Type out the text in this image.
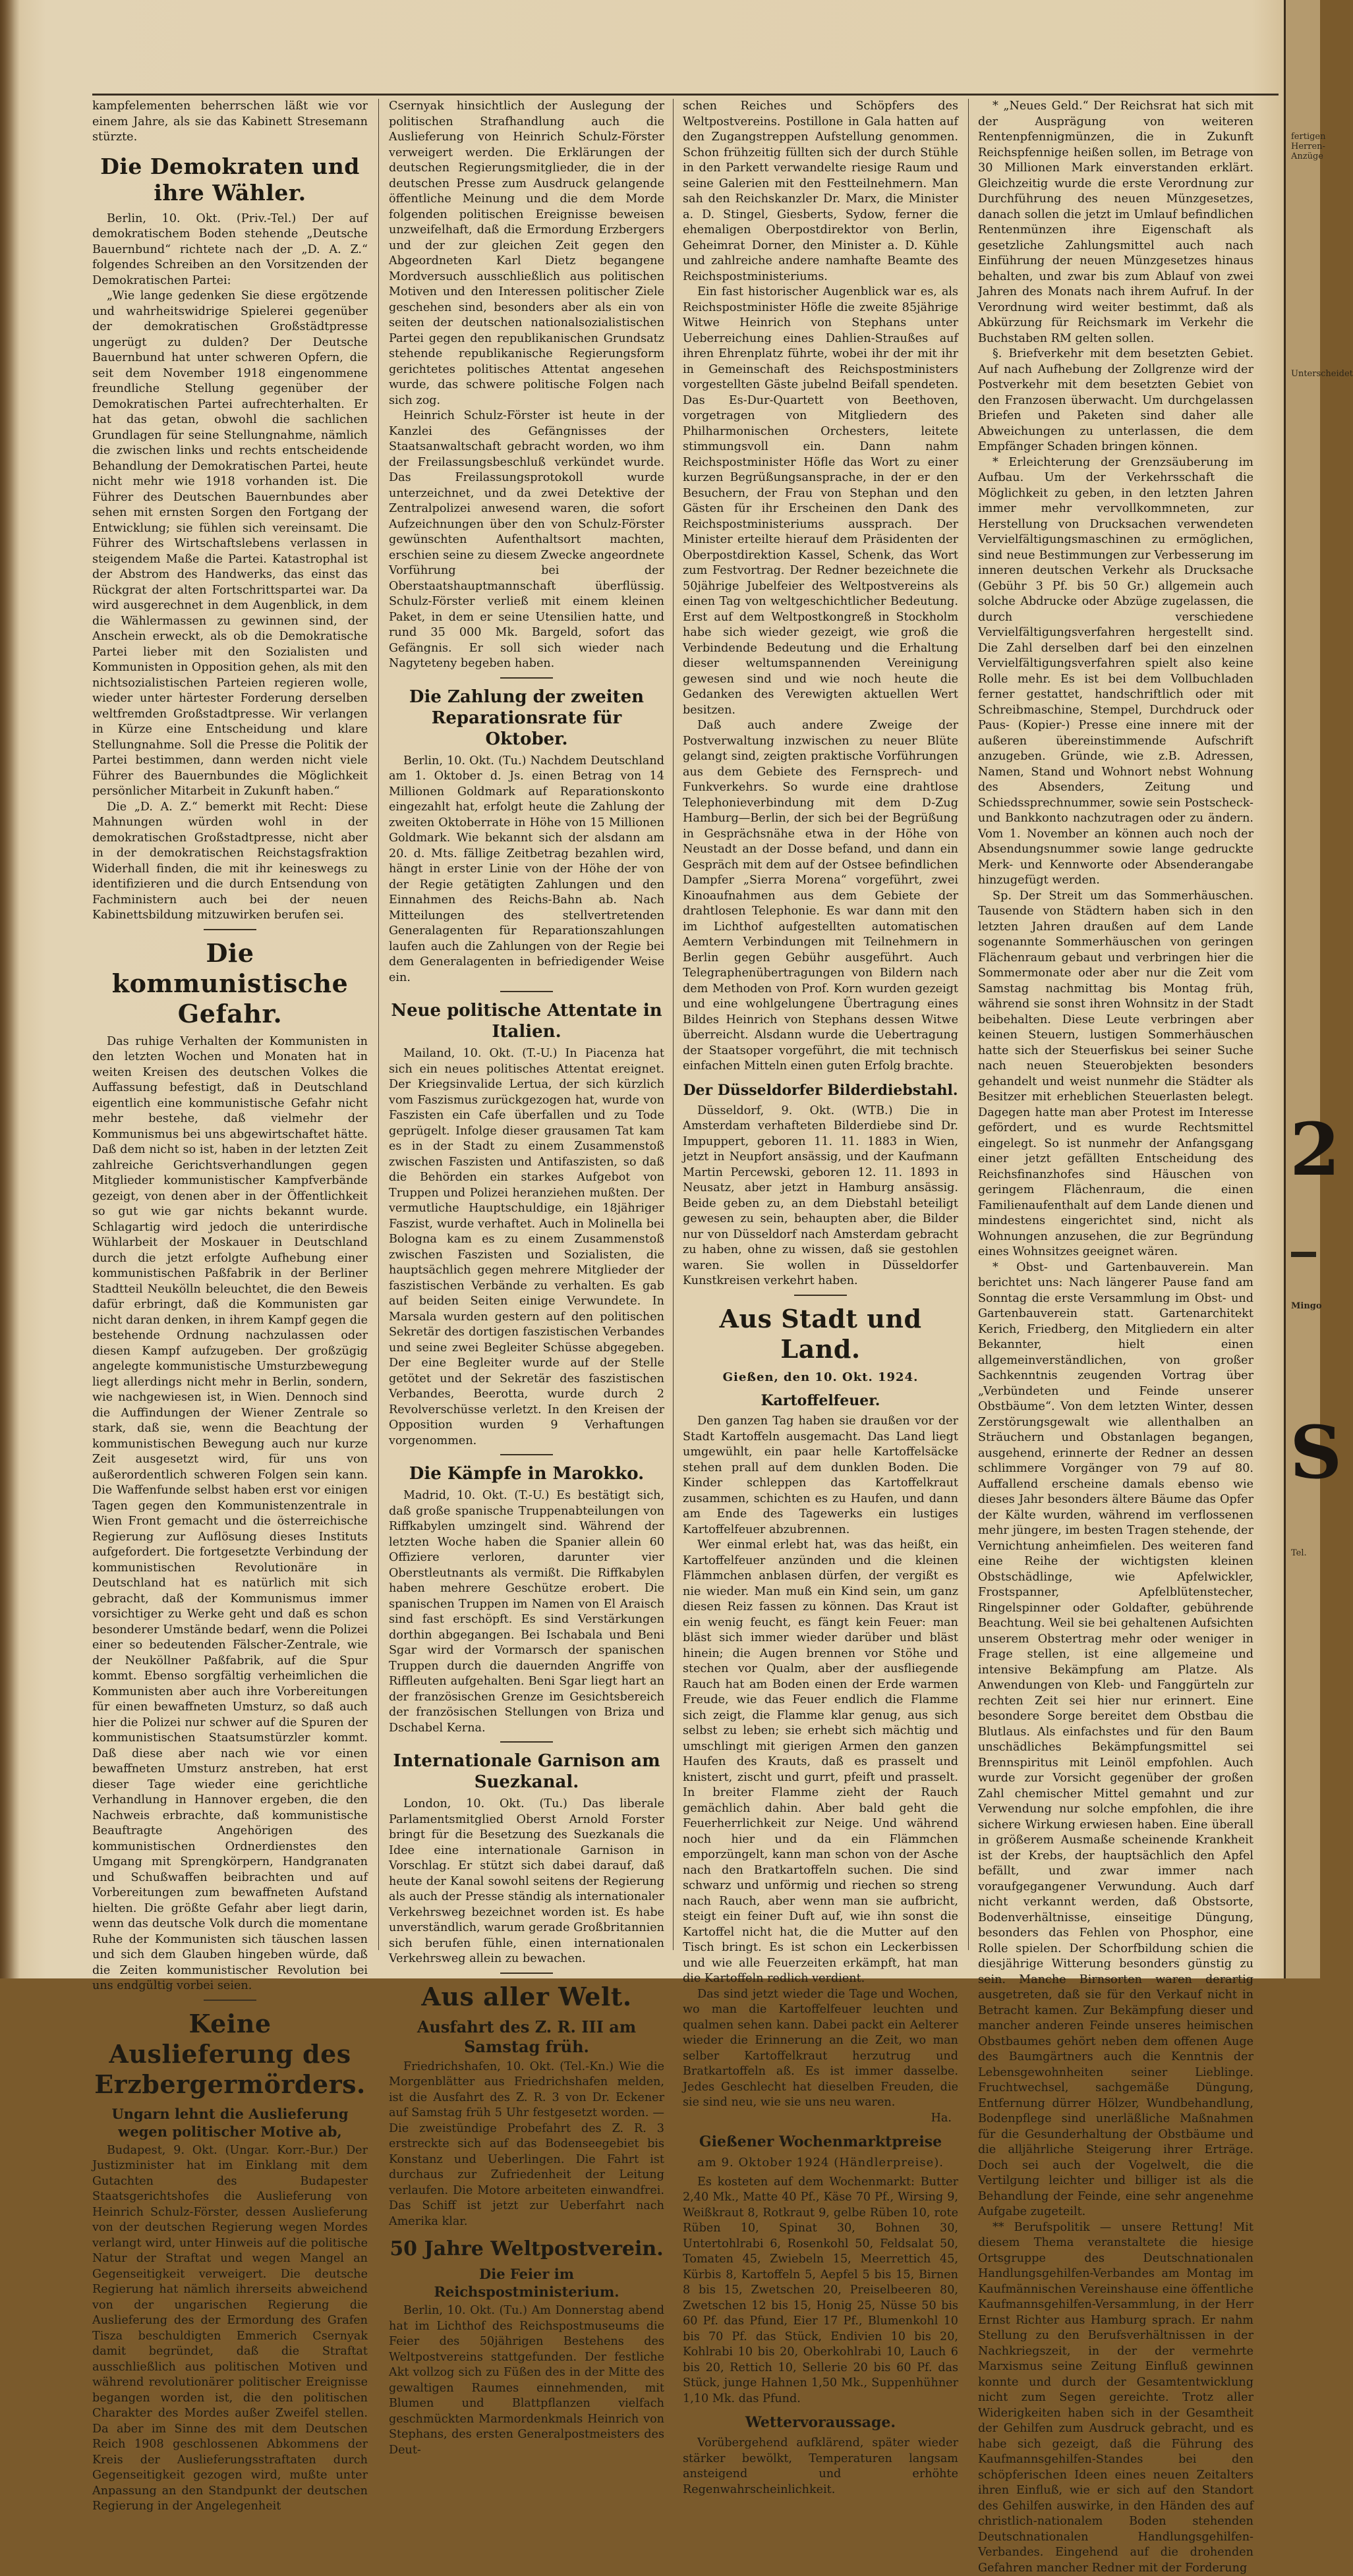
kampfelementen beherrschen läßt wie vor einem Jahre, als sie das Kabinett Stresemann stürzte.

Die Demokraten und ihre Wähler.

Berlin, 10. Okt. (Priv.-Tel.) Der auf demokratischem Boden stehende „Deutsche Bauernbund“ richtete nach der „D. A. Z.“ folgendes Schreiben an den Vorsitzenden der Demokratischen Partei:

„Wie lange gedenken Sie diese ergötzende und wahrheitswidrige Spielerei gegenüber der demokratischen Großstädtpresse ungerügt zu dulden? Der Deutsche Bauernbund hat unter schweren Opfern, die seit dem November 1918 eingenommene freundliche Stellung gegenüber der Demokratischen Partei aufrechterhalten. Er hat das getan, obwohl die sachlichen Grundlagen für seine Stellungnahme, nämlich die zwischen links und rechts entscheidende Behandlung der Demokratischen Partei, heute nicht mehr wie 1918 vorhanden ist. Die Führer des Deutschen Bauernbundes aber sehen mit ernsten Sorgen den Fortgang der Entwicklung; sie fühlen sich vereinsamt. Die Führer des Wirtschaftslebens verlassen in steigendem Maße die Partei. Katastrophal ist der Abstrom des Handwerks, das einst das Rückgrat der alten Fortschrittspartei war. Da wird ausgerechnet in dem Augenblick, in dem die Wählermassen zu gewinnen sind, der Anschein erweckt, als ob die Demokratische Partei lieber mit den Sozialisten und Kommunisten in Opposition gehen, als mit den nichtsozialistischen Parteien regieren wolle, wieder unter härtester Forderung derselben weltfremden Großstadtpresse. Wir verlangen in Kürze eine Entscheidung und klare Stellungnahme. Soll die Presse die Politik der Partei bestimmen, dann werden nicht viele Führer des Bauernbundes die Möglichkeit persönlicher Mitarbeit in Zukunft haben.“

Die „D. A. Z.“ bemerkt mit Recht: Diese Mahnungen würden wohl in der demokratischen Großstadtpresse, nicht aber in der demokratischen Reichstagsfraktion Widerhall finden, die mit ihr keineswegs zu identifizieren und die durch Entsendung von Fachministern auch bei der neuen Kabinettsbildung mitzuwirken berufen sei.

Die kommunistische Gefahr.

Das ruhige Verhalten der Kommunisten in den letzten Wochen und Monaten hat in weiten Kreisen des deutschen Volkes die Auffassung befestigt, daß in Deutschland eigentlich eine kommunistische Gefahr nicht mehr bestehe, daß vielmehr der Kommunismus bei uns abgewirtschaftet hätte. Daß dem nicht so ist, haben in der letzten Zeit zahlreiche Gerichtsverhandlungen gegen Mitglieder kommunistischer Kampfverbände gezeigt, von denen aber in der Öffentlichkeit so gut wie gar nichts bekannt wurde. Schlagartig wird jedoch die unterirdische Wühlarbeit der Moskauer in Deutschland durch die jetzt erfolgte Aufhebung einer kommunistischen Paßfabrik in der Berliner Stadtteil Neukölln beleuchtet, die den Beweis dafür erbringt, daß die Kommunisten gar nicht daran denken, in ihrem Kampf gegen die bestehende Ordnung nachzulassen oder diesen Kampf aufzugeben. Der großzügig angelegte kommunistische Umsturzbewegung liegt allerdings nicht mehr in Berlin, sondern, wie nachgewiesen ist, in Wien. Dennoch sind die Auffindungen der Wiener Zentrale so stark, daß sie, wenn die Beachtung der kommunistischen Bewegung auch nur kurze Zeit ausgesetzt wird, für uns von außerordentlich schweren Folgen sein kann. Die Waffenfunde selbst haben erst vor einigen Tagen gegen den Kommunistenzentrale in Wien Front gemacht und die österreichische Regierung zur Auflösung dieses Instituts aufgefordert. Die fortgesetzte Verbindung der kommunistischen Revolutionäre in Deutschland hat es natürlich mit sich gebracht, daß der Kommunismus immer vorsichtiger zu Werke geht und daß es schon besonderer Umstände bedarf, wenn die Polizei einer so bedeutenden Fälscher-Zentrale, wie der Neuköllner Paßfabrik, auf die Spur kommt. Ebenso sorgfältig verheimlichen die Kommunisten aber auch ihre Vorbereitungen für einen bewaffneten Umsturz, so daß auch hier die Polizei nur schwer auf die Spuren der kommunistischen Staatsumstürzler kommt. Daß diese aber nach wie vor einen bewaffneten Umsturz anstreben, hat erst dieser Tage wieder eine gerichtliche Verhandlung in Hannover ergeben, die den Nachweis erbrachte, daß kommunistische Beauftragte Angehörigen des kommunistischen Ordnerdienstes den Umgang mit Sprengkörpern, Handgranaten und Schußwaffen beibrachten und auf Vorbereitungen zum bewaffneten Aufstand hielten. Die größte Gefahr aber liegt darin, wenn das deutsche Volk durch die momentane Ruhe der Kommunisten sich täuschen lassen und sich dem Glauben hingeben würde, daß die Zeiten kommunistischer Revolution bei uns endgültig vorbei seien.

Keine Auslieferung des Erzbergermörders.
Ungarn lehnt die Auslieferung wegen politischer Motive ab,

Budapest, 9. Okt. (Ungar. Korr.-Bur.) Der Justizminister hat im Einklang mit dem Gutachten des Budapester Staatsgerichtshofes die Auslieferung von Heinrich Schulz-Förster, dessen Auslieferung von der deutschen Regierung wegen Mordes verlangt wird, unter Hinweis auf die politische Natur der Straftat und wegen Mangel an Gegenseitigkeit verweigert. Die deutsche Regierung hat nämlich ihrerseits abweichend von der ungarischen Regierung die Auslieferung des der Ermordung des Grafen Tisza beschuldigten Emmerich Csernyak damit begründet, daß die Straftat ausschließlich aus politischen Motiven und während revolutionärer politischer Ereignisse begangen worden ist, die den politischen Charakter des Mordes außer Zweifel stellen. Da aber im Sinne des mit dem Deutschen Reich 1908 geschlossenen Abkommens der Kreis der Auslieferungsstraftaten durch Gegenseitigkeit gezogen wird, mußte unter Anpassung an den Standpunkt der deutschen Regierung in der Angelegenheit

Csernyak hinsichtlich der Auslegung der politischen Strafhandlung auch die Auslieferung von Heinrich Schulz-Förster verweigert werden. Die Erklärungen der deutschen Regierungsmitglieder, die in der deutschen Presse zum Ausdruck gelangende öffentliche Meinung und die dem Morde folgenden politischen Ereignisse beweisen unzweifelhaft, daß die Ermordung Erzbergers und der zur gleichen Zeit gegen den Abgeordneten Karl Dietz begangene Mordversuch ausschließlich aus politischen Motiven und den Interessen politischer Ziele geschehen sind, besonders aber als ein von seiten der deutschen nationalsozialistischen Partei gegen den republikanischen Grundsatz stehende republikanische Regierungsform gerichtetes politisches Attentat angesehen wurde, das schwere politische Folgen nach sich zog.

Heinrich Schulz-Förster ist heute in der Kanzlei des Gefängnisses der Staatsanwaltschaft gebracht worden, wo ihm der Freilassungsbeschluß verkündet wurde. Das Freilassungsprotokoll wurde unterzeichnet, und da zwei Detektive der Zentralpolizei anwesend waren, die sofort Aufzeichnungen über den von Schulz-Förster gewünschten Aufenthaltsort machten, erschien seine zu diesem Zwecke angeordnete Vorführung bei der Oberstaatshauptmannschaft überflüssig. Schulz-Förster verließ mit einem kleinen Paket, in dem er seine Utensilien hatte, und rund 35 000 Mk. Bargeld, sofort das Gefängnis. Er soll sich wieder nach Nagyteteny begeben haben.

Die Zahlung der zweiten Reparationsrate für Oktober.

Berlin, 10. Okt. (Tu.) Nachdem Deutschland am 1. Oktober d. Js. einen Betrag von 14 Millionen Goldmark auf Reparationskonto eingezahlt hat, erfolgt heute die Zahlung der zweiten Oktoberrate in Höhe von 15 Millionen Goldmark. Wie bekannt sich der alsdann am 20. d. Mts. fällige Zeitbetrag bezahlen wird, hängt in erster Linie von der Höhe der von der Regie getätigten Zahlungen und den Einnahmen des Reichs-Bahn ab. Nach Mitteilungen des stellvertretenden Generalagenten für Reparationszahlungen laufen auch die Zahlungen von der Regie bei dem Generalagenten in befriedigender Weise ein.

Neue politische Attentate in Italien.

Mailand, 10. Okt. (T.-U.) In Piacenza hat sich ein neues politisches Attentat ereignet. Der Kriegsinvalide Lertua, der sich kürzlich vom Faszismus zurückgezogen hat, wurde von Faszisten ein Cafe überfallen und zu Tode geprügelt. Infolge dieser grausamen Tat kam es in der Stadt zu einem Zusammenstoß zwischen Faszisten und Antifaszisten, so daß die Behörden ein starkes Aufgebot von Truppen und Polizei heranziehen mußten. Der vermutliche Hauptschuldige, ein 18jähriger Faszist, wurde verhaftet. Auch in Molinella bei Bologna kam es zu einem Zusammenstoß zwischen Faszisten und Sozialisten, die hauptsächlich gegen mehrere Mitglieder der faszistischen Verbände zu verhalten. Es gab auf beiden Seiten einige Verwundete. In Marsala wurden gestern auf den politischen Sekretär des dortigen faszistischen Verbandes und seine zwei Begleiter Schüsse abgegeben. Der eine Begleiter wurde auf der Stelle getötet und der Sekretär des faszistischen Verbandes, Beerotta, wurde durch 2 Revolverschüsse verletzt. In den Kreisen der Opposition wurden 9 Verhaftungen vorgenommen.

Die Kämpfe in Marokko.

Madrid, 10. Okt. (T.-U.) Es bestätigt sich, daß große spanische Truppenabteilungen von Riffkabylen umzingelt sind. Während der letzten Woche haben die Spanier allein 60 Offiziere verloren, darunter vier Oberstleutnants als vermißt. Die Riffkabylen haben mehrere Geschütze erobert. Die spanischen Truppen im Namen von El Araisch sind fast erschöpft. Es sind Verstärkungen dorthin abgegangen. Bei Ischabala und Beni Sgar wird der Vormarsch der spanischen Truppen durch die dauernden Angriffe von Riffleuten aufgehalten. Beni Sgar liegt hart an der französischen Grenze im Gesichtsbereich der französischen Stellungen von Briza und Dschabel Kerna.

Internationale Garnison am Suezkanal.

London, 10. Okt. (Tu.) Das liberale Parlamentsmitglied Oberst Arnold Forster bringt für die Besetzung des Suezkanals die Idee eine internationale Garnison in Vorschlag. Er stützt sich dabei darauf, daß heute der Kanal sowohl seitens der Regierung als auch der Presse ständig als internationaler Verkehrsweg bezeichnet worden ist. Es habe unverständlich, warum gerade Großbritannien sich berufen fühle, einen internationalen Verkehrsweg allein zu bewachen.

Aus aller Welt.
Ausfahrt des Z. R. III am Samstag früh.

Friedrichshafen, 10. Okt. (Tel.-Kn.) Wie die Morgenblätter aus Friedrichshafen melden, ist die Ausfahrt des Z. R. 3 von Dr. Eckener auf Samstag früh 5 Uhr festgesetzt worden. — Die zweistündige Probefahrt des Z. R. 3 erstreckte sich auf das Bodenseegebiet bis Konstanz und Ueberlingen. Die Fahrt ist durchaus zur Zufriedenheit der Leitung verlaufen. Die Motore arbeiteten einwandfrei. Das Schiff ist jetzt zur Ueberfahrt nach Amerika klar.

50 Jahre Weltpostverein.
Die Feier im Reichspostministerium.

Berlin, 10. Okt. (Tu.) Am Donnerstag abend hat im Lichthof des Reichspostmuseums die Feier des 50jährigen Bestehens des Weltpostvereins stattgefunden. Der festliche Akt vollzog sich zu Füßen des in der Mitte des gewaltigen Raumes einnehmenden, mit Blumen und Blattpflanzen vielfach geschmückten Marmordenkmals Heinrich von Stephans, des ersten Generalpostmeisters des Deut-

schen Reiches und Schöpfers des Weltpostvereins. Postillone in Gala hatten auf den Zugangstreppen Aufstellung genommen. Schon frühzeitig füllten sich der durch Stühle in den Parkett verwandelte riesige Raum und seine Galerien mit den Festteilnehmern. Man sah den Reichskanzler Dr. Marx, die Minister a. D. Stingel, Giesberts, Sydow, ferner die ehemaligen Oberpostdirektor von Berlin, Geheimrat Dorner, den Minister a. D. Kühle und zahlreiche andere namhafte Beamte des Reichspostministeriums.

Ein fast historischer Augenblick war es, als Reichspostminister Höfle die zweite 85jährige Witwe Heinrich von Stephans unter Ueberreichung eines Dahlien-Straußes auf ihren Ehrenplatz führte, wobei ihr der mit ihr in Gemeinschaft des Reichspostministers vorgestellten Gäste jubelnd Beifall spendeten. Das Es-Dur-Quartett von Beethoven, vorgetragen von Mitgliedern des Philharmonischen Orchesters, leitete stimmungsvoll ein. Dann nahm Reichspostminister Höfle das Wort zu einer kurzen Begrüßungsansprache, in der er den Besuchern, der Frau von Stephan und den Gästen für ihr Erscheinen den Dank des Reichspostministeriums aussprach. Der Minister erteilte hierauf dem Präsidenten der Oberpostdirektion Kassel, Schenk, das Wort zum Festvortrag. Der Redner bezeichnete die 50jährige Jubelfeier des Weltpostvereins als einen Tag von weltgeschichtlicher Bedeutung. Erst auf dem Weltpostkongreß in Stockholm habe sich wieder gezeigt, wie groß die Verbindende Bedeutung und die Erhaltung dieser weltumspannenden Vereinigung gewesen sind und wie noch heute die Gedanken des Verewigten aktuellen Wert besitzen.

Daß auch andere Zweige der Postverwaltung inzwischen zu neuer Blüte gelangt sind, zeigten praktische Vorführungen aus dem Gebiete des Fernsprech- und Funkverkehrs. So wurde eine drahtlose Telephonieverbindung mit dem D-Zug Hamburg—Berlin, der sich bei der Begrüßung in Gesprächsnähe etwa in der Höhe von Neustadt an der Dosse befand, und dann ein Gespräch mit dem auf der Ostsee befindlichen Dampfer „Sierra Morena“ vorgeführt, zwei Kinoaufnahmen aus dem Gebiete der drahtlosen Telephonie. Es war dann mit den im Lichthof aufgestellten automatischen Aemtern Verbindungen mit Teilnehmern in Berlin gegen Gebühr ausgeführt. Auch Telegraphenübertragungen von Bildern nach dem Methoden von Prof. Korn wurden gezeigt und eine wohlgelungene Übertragung eines Bildes Heinrich von Stephans dessen Witwe überreicht. Alsdann wurde die Uebertragung der Staatsoper vorgeführt, die mit technisch einfachen Mitteln einen guten Erfolg brachte.

Der Düsseldorfer Bilderdiebstahl.

Düsseldorf, 9. Okt. (WTB.) Die in Amsterdam verhafteten Bilderdiebe sind Dr. Impuppert, geboren 11. 11. 1883 in Wien, jetzt in Neupfort ansässig, und der Kaufmann Martin Percewski, geboren 12. 11. 1893 in Neusatz, aber jetzt in Hamburg ansässig. Beide geben zu, an dem Diebstahl beteiligt gewesen zu sein, behaupten aber, die Bilder nur von Düsseldorf nach Amsterdam gebracht zu haben, ohne zu wissen, daß sie gestohlen waren. Sie wollen in Düsseldorfer Kunstkreisen verkehrt haben.

Aus Stadt und Land.
Gießen, den 10. Okt. 1924.
Kartoffelfeuer.

Den ganzen Tag haben sie draußen vor der Stadt Kartoffeln ausgemacht. Das Land liegt umgewühlt, ein paar helle Kartoffelsäcke stehen prall auf dem dunklen Boden. Die Kinder schleppen das Kartoffelkraut zusammen, schichten es zu Haufen, und dann am Ende des Tagewerks ein lustiges Kartoffelfeuer abzubrennen.

Wer einmal erlebt hat, was das heißt, ein Kartoffelfeuer anzünden und die kleinen Flämmchen anblasen dürfen, der vergißt es nie wieder. Man muß ein Kind sein, um ganz diesen Reiz fassen zu können. Das Kraut ist ein wenig feucht, es fängt kein Feuer: man bläst sich immer wieder darüber und bläst hinein; die Augen brennen vor Stöhe und stechen vor Qualm, aber der ausfliegende Rauch hat am Boden einen der Erde warmen Freude, wie das Feuer endlich die Flamme sich zeigt, die Flamme klar genug, aus sich selbst zu leben; sie erhebt sich mächtig und umschlingt mit gierigen Armen den ganzen Haufen des Krauts, daß es prasselt und knistert, zischt und gurrt, pfeift und prasselt. In breiter Flamme zieht der Rauch gemächlich dahin. Aber bald geht die Feuerherrlichkeit zur Neige. Und während noch hier und da ein Flämmchen emporzüngelt, kann man schon von der Asche nach den Bratkartoffeln suchen. Die sind schwarz und unförmig und riechen so streng nach Rauch, aber wenn man sie aufbricht, steigt ein feiner Duft auf, wie ihn sonst die Kartoffel nicht hat, die die Mutter auf den Tisch bringt. Es ist schon ein Leckerbissen und wie alle Feuerzeiten erkämpft, hat man die Kartoffeln redlich verdient.

Das sind jetzt wieder die Tage und Wochen, wo man die Kartoffelfeuer leuchten und qualmen sehen kann. Dabei packt ein Aelterer wieder die Erinnerung an die Zeit, wo man selber Kartoffelkraut herzutrug und Bratkartoffeln aß. Es ist immer dasselbe. Jedes Geschlecht hat dieselben Freuden, die sie sind neu, wie sie uns neu waren.

Ha.
Gießener Wochenmarktpreise
am 9. Oktober 1924 (Händlerpreise).

Es kosteten auf dem Wochenmarkt: Butter 2,40 Mk., Matte 40 Pf., Käse 70 Pf., Wirsing 9, Weißkraut 8, Rotkraut 9, gelbe Rüben 10, rote Rüben 10, Spinat 30, Bohnen 30, Untertohlrabi 6, Rosenkohl 50, Feldsalat 50, Tomaten 45, Zwiebeln 15, Meerrettich 45, Kürbis 8, Kartoffeln 5, Aepfel 5 bis 15, Birnen 8 bis 15, Zwetschen 20, Preiselbeeren 80, Zwetschen 12 bis 15, Honig 25, Nüsse 50 bis 60 Pf. das Pfund, Eier 17 Pf., Blumenkohl 10 bis 70 Pf. das Stück, Endivien 10 bis 20, Kohlrabi 10 bis 20, Oberkohlrabi 10, Lauch 6 bis 20, Rettich 10, Sellerie 20 bis 60 Pf. das Stück, junge Hahnen 1,50 Mk., Suppenhühner 1,10 Mk. das Pfund.

Wettervoraussage.

Vorübergehend aufklärend, später wieder stärker bewölkt, Temperaturen langsam ansteigend und erhöhte Regenwahrscheinlichkeit.

* „Neues Geld.“ Der Reichsrat hat sich mit der Ausprägung von weiteren Rentenpfennigmünzen, die in Zukunft Reichspfennige heißen sollen, im Betrage von 30 Millionen Mark einverstanden erklärt. Gleichzeitig wurde die erste Verordnung zur Durchführung des neuen Münzgesetzes, danach sollen die jetzt im Umlauf befindlichen Rentenmünzen ihre Eigenschaft als gesetzliche Zahlungsmittel auch nach Einführung der neuen Münzgesetzes hinaus behalten, und zwar bis zum Ablauf von zwei Jahren des Monats nach ihrem Aufruf. In der Verordnung wird weiter bestimmt, daß als Abkürzung für Reichsmark im Verkehr die Buchstaben RM gelten sollen.

§. Briefverkehr mit dem besetzten Gebiet. Auf nach Aufhebung der Zollgrenze wird der Postverkehr mit dem besetzten Gebiet von den Franzosen überwacht. Um durchgelassen Briefen und Paketen sind daher alle Abweichungen zu unterlassen, die dem Empfänger Schaden bringen können.

* Erleichterung der Grenzsäuberung im Aufbau. Um der Verkehrsschaft die Möglichkeit zu geben, in den letzten Jahren immer mehr vervollkommneten, zur Herstellung von Drucksachen verwendeten Vervielfältigungsmaschinen zu ermöglichen, sind neue Bestimmungen zur Verbesserung im inneren deutschen Verkehr als Drucksache (Gebühr 3 Pf. bis 50 Gr.) allgemein auch solche Abdrucke oder Abzüge zugelassen, die durch verschiedene Vervielfältigungsverfahren hergestellt sind. Die Zahl derselben darf bei den einzelnen Vervielfältigungsverfahren spielt also keine Rolle mehr. Es ist bei dem Vollbuchladen ferner gestattet, handschriftlich oder mit Schreibmaschine, Stempel, Durchdruck oder Paus- (Kopier-) Presse eine innere mit der außeren übereinstimmende Aufschrift anzugeben. Gründe, wie z.B. Adressen, Namen, Stand und Wohnort nebst Wohnung des Absenders, Zeitung und Schiedssprechnummer, sowie sein Postscheck- und Bankkonto nachzutragen oder zu ändern. Vom 1. November an können auch noch der Absendungsnummer sowie lange gedruckte Merk- und Kennworte oder Absenderangabe hinzugefügt werden.

Sp. Der Streit um das Sommerhäuschen. Tausende von Städtern haben sich in den letzten Jahren draußen auf dem Lande sogenannte Sommerhäuschen von geringen Flächenraum gebaut und verbringen hier die Sommermonate oder aber nur die Zeit vom Samstag nachmittag bis Montag früh, während sie sonst ihren Wohnsitz in der Stadt beibehalten. Diese Leute verbringen aber keinen Steuern, lustigen Sommerhäuschen hatte sich der Steuerfiskus bei seiner Suche nach neuen Steuerobjekten besonders gehandelt und weist nunmehr die Städter als Besitzer mit erheblichen Steuerlasten belegt. Dagegen hatte man aber Protest im Interesse gefördert, und es wurde Rechtsmittel eingelegt. So ist nunmehr der Anfangsgang einer jetzt gefällten Entscheidung des Reichsfinanzhofes sind Häuschen von geringem Flächenraum, die einen Familienaufenthalt auf dem Lande dienen und mindestens eingerichtet sind, nicht als Wohnungen anzusehen, die zur Begründung eines Wohnsitzes geeignet wären.

* Obst- und Gartenbauverein. Man berichtet uns: Nach längerer Pause fand am Sonntag die erste Versammlung im Obst- und Gartenbauverein statt. Gartenarchitekt Kerich, Friedberg, den Mitgliedern ein alter Bekannter, hielt einen allgemeinverständlichen, von großer Sachkenntnis zeugenden Vortrag über „Verbündeten und Feinde unserer Obstbäume“. Von dem letzten Winter, dessen Zerstörungsgewalt wie allenthalben an Sträuchern und Obstanlagen begangen, ausgehend, erinnerte der Redner an dessen schlimmere Vorgänger von 79 auf 80. Auffallend erscheine damals ebenso wie dieses Jahr besonders ältere Bäume das Opfer der Kälte wurden, während im verflossenen mehr jüngere, im besten Tragen stehende, der Vernichtung anheimfielen. Des weiteren fand eine Reihe der wichtigsten kleinen Obstschädlinge, wie Apfelwickler, Frostspanner, Apfelblütenstecher, Ringelspinner oder Goldafter, gebührende Beachtung. Weil sie bei gehaltenen Aufsichten unserem Obstertrag mehr oder weniger in Frage stellen, ist eine allgemeine und intensive Bekämpfung am Platze. Als Anwendungen von Kleb- und Fanggürteln zur rechten Zeit sei hier nur erinnert. Eine besondere Sorge bereitet dem Obstbau die Blutlaus. Als einfachstes und für den Baum unschädliches Bekämpfungsmittel sei Brennspiritus mit Leinöl empfohlen. Auch wurde zur Vorsicht gegenüber der großen Zahl chemischer Mittel gemahnt und zur Verwendung nur solche empfohlen, die ihre sichere Wirkung erwiesen haben. Eine überall in größerem Ausmaße scheinende Krankheit ist der Krebs, der hauptsächlich den Apfel befällt, und zwar immer nach voraufgegangener Verwundung. Auch darf nicht verkannt werden, daß Obstsorte, Bodenverhältnisse, einseitige Düngung, besonders das Fehlen von Phosphor, eine Rolle spielen. Der Schorfbildung schien die diesjährige Witterung besonders günstig zu sein. Manche Birnsorten waren derartig ausgetreten, daß sie für den Verkauf nicht in Betracht kamen. Zur Bekämpfung dieser und mancher anderen Feinde unseres heimischen Obstbaumes gehört neben dem offenen Auge des Baumgärtners auch die Kenntnis der Lebensgewohnheiten seiner Lieblinge. Fruchtwechsel, sachgemäße Düngung, Entfernung dürrer Hölzer, Wundbehandlung, Bodenpflege sind unerläßliche Maßnahmen für die Gesunderhaltung der Obstbäume und die alljährliche Steigerung ihrer Erträge. Doch sei auch der Vogelwelt, die die Vertilgung leichter und billiger ist als die Behandlung der Feinde, eine sehr angenehme Aufgabe zugeteilt.

** Berufspolitik — unsere Rettung! Mit diesem Thema veranstaltete die hiesige Ortsgruppe des Deutschnationalen Handlungsgehilfen-Verbandes am Montag im Kaufmännischen Vereinshause eine öffentliche Kaufmannsgehilfen-Versammlung, in der Herr Ernst Richter aus Hamburg sprach. Er nahm Stellung zu den Berufsverhältnissen in der Nachkriegszeit, in der der vermehrte Marxismus seine Zeitung Einfluß gewinnen konnte und durch der Gesamtentwicklung nicht zum Segen gereichte. Trotz aller Widerigkeiten haben sich in der Gesamtheit der Gehilfen zum Ausdruck gebracht, und es habe sich gezeigt, daß die Führung des Kaufmannsgehilfen-Standes bei den schöpferischen Ideen eines neuen Zeitalters ihren Einfluß, wie er sich auf den Standort des Gehilfen auswirke, in den Händen des auf christlich-nationalem Boden stehenden Deutschnationalen Handlungsgehilfen-Verbandes. Eingehend auf die drohenden Gefahren mancher Redner mit der Forderung

fertigen Herren-Anzüge
Unterscheidet
2
Mingo
S
Tel.
